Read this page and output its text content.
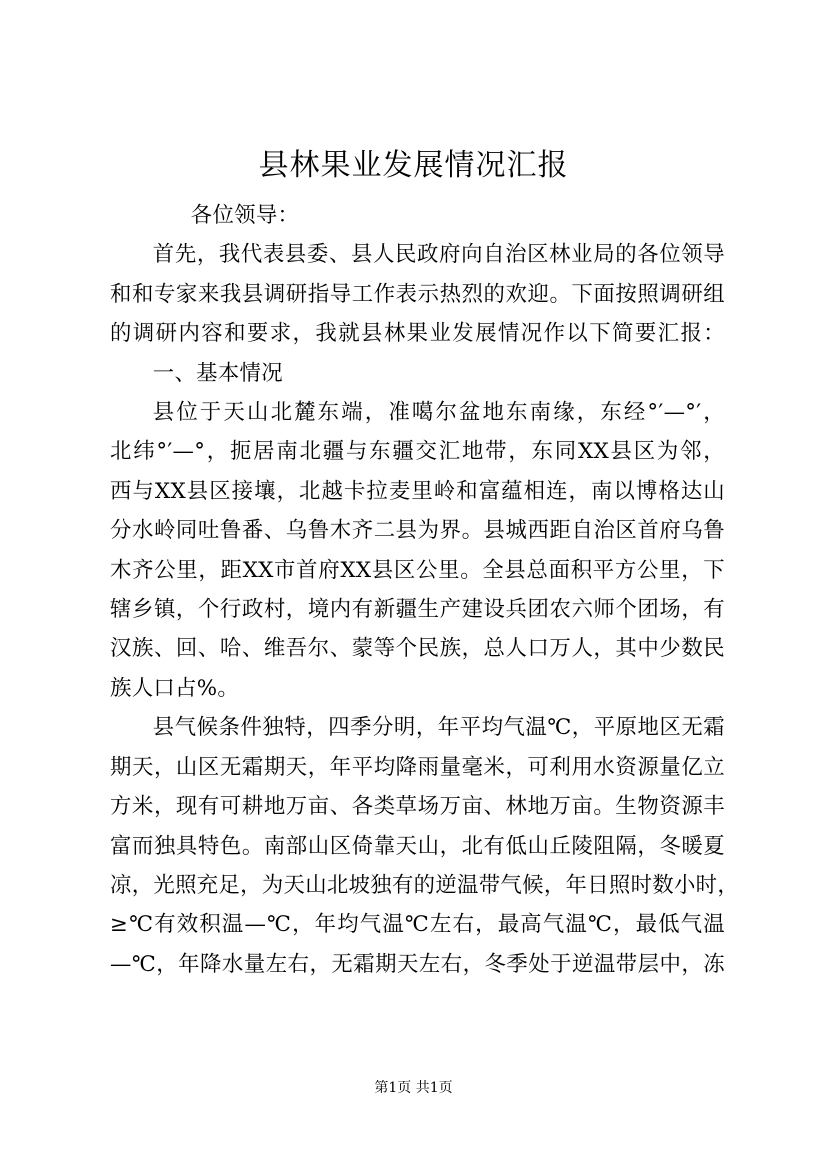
县林果业发展情况汇报

各位领导：

首先，我代表县委、县人民政府向自治区林业局的各位领导
和和专家来我县调研指导工作表示热烈的欢迎。下面按照调研组
的调研内容和要求，我就县林果业发展情况作以下简要汇报：

一、基本情况

县位于天山北麓东端，准噶尔盆地东南缘，东经°′—°′，
北纬°′—°，扼居南北疆与东疆交汇地带，东同XX县区为邻，
西与XX县区接壤，北越卡拉麦里岭和富蕴相连，南以博格达山
分水岭同吐鲁番、乌鲁木齐二县为界。县城西距自治区首府乌鲁
木齐公里，距XX市首府XX县区公里。全县总面积平方公里，下
辖乡镇，个行政村，境内有新疆生产建设兵团农六师个团场，有
汉族、回、哈、维吾尔、蒙等个民族，总人口万人，其中少数民
族人口占%。

县气候条件独特，四季分明，年平均气温℃，平原地区无霜
期天，山区无霜期天，年平均降雨量毫米，可利用水资源量亿立
方米，现有可耕地万亩、各类草场万亩、林地万亩。生物资源丰
富而独具特色。南部山区倚靠天山，北有低山丘陵阻隔，冬暖夏
凉，光照充足，为天山北坡独有的逆温带气候，年日照时数小时，
≥℃有效积温—℃，年均气温℃左右，最高气温℃，最低气温
—℃，年降水量左右，无霜期天左右，冬季处于逆温带层中，冻

第1页 共1页
